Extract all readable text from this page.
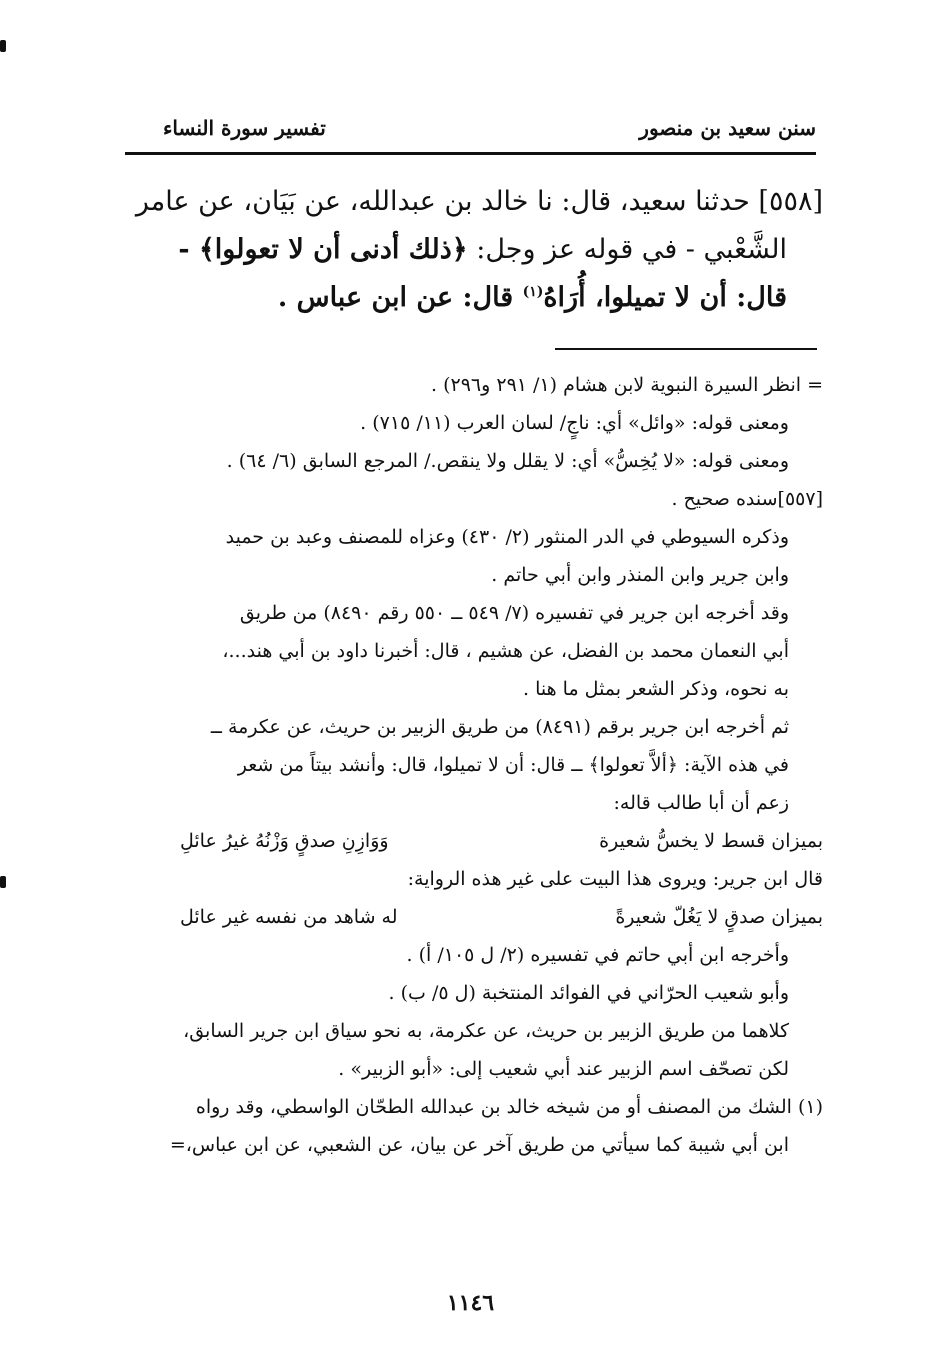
سنن سعيد بن منصور
تفسير سورة النساء

[٥٥٨] حدثنا سعيد، قال: نا خالد بن عبدالله، عن بَيَان، عن عامر

الشَّعْبي - في قوله عز وجل: ﴿ذلك أدنى أن لا تعولوا﴾ -

قال: أن لا تميلوا، أُرَاهُ$^{(١)}$ قال: عن ابن عباس .

= انظر السيرة النبوية لابن هشام (١/ ٢٩١ و٢٩٦) .

ومعنى قوله: «وائل» أي: ناجٍ/ لسان العرب (١١/ ٧١٥) .

ومعنى قوله: «لا يُخِسُّ» أي: لا يقلل ولا ينقص./ المرجع السابق (٦/ ٦٤) .

[٥٥٧]سنده صحيح .

وذكره السيوطي في الدر المنثور (٢/ ٤٣٠) وعزاه للمصنف وعبد بن حميد

وابن جرير وابن المنذر وابن أبي حاتم .

وقد أخرجه ابن جرير في تفسيره (٧/ ٥٤٩ ــ ٥٥٠ رقم ٨٤٩٠) من طريق

أبي النعمان محمد بن الفضل، عن هشيم ، قال: أخبرنا داود بن أبي هند...،

به نحوه، وذكر الشعر بمثل ما هنا .

ثم أخرجه ابن جرير برقم (٨٤٩١) من طريق الزبير بن حريث، عن عكرمة ــ

في هذه الآية: ﴿ألاَّ تعولوا﴾ ــ قال: أن لا تميلوا، قال: وأنشد بيتاً من شعر

زعم أن أبا طالب قاله:

بميزان قسط لا يخسُّ شعيرة
وَوَازِنِ صدقٍ وَزْنُهُ غيرُ عائلِ

قال ابن جرير: ويروى هذا البيت على غير هذه الرواية:

بميزان صدقٍ لا يَغُلّ شعيرةً
له شاهد من نفسه غير عائل

وأخرجه ابن أبي حاتم في تفسيره (٢/ ل ١٠٥/ أ) .

وأبو شعيب الحرّاني في الفوائد المنتخبة (ل ٥/ ب) .

كلاهما من طريق الزبير بن حريث، عن عكرمة، به نحو سياق ابن جرير السابق،

لكن تصحّف اسم الزبير عند أبي شعيب إلى: «أبو الزبير» .

(١) الشك من المصنف أو من شيخه خالد بن عبدالله الطحّان الواسطي، وقد رواه

ابن أبي شيبة كما سيأتي من طريق آخر عن بيان، عن الشعبي، عن ابن عباس،=

١١٤٦
